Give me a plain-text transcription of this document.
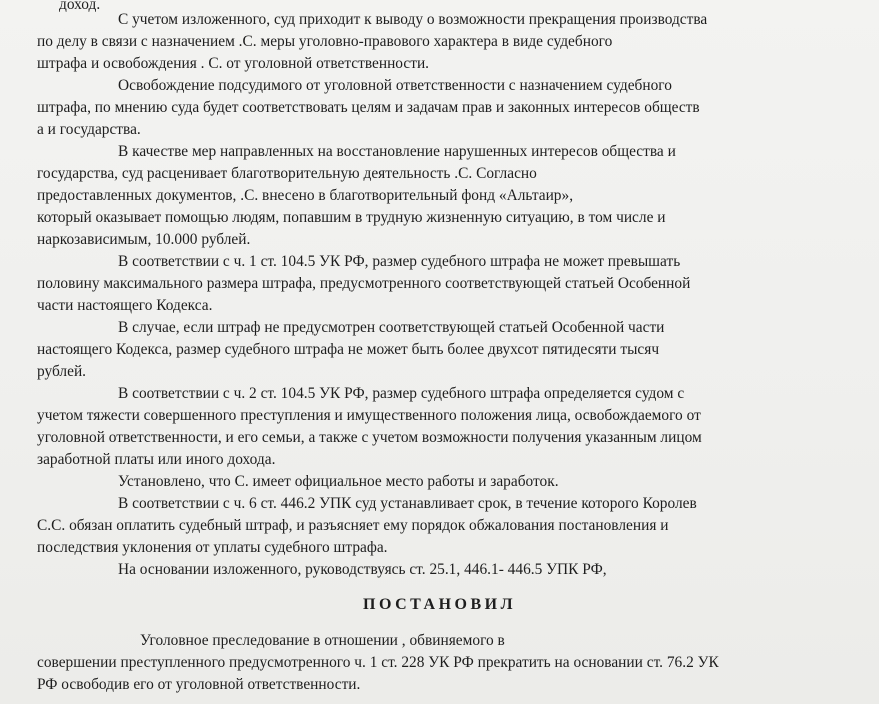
доход.

С учетом изложенного, суд приходит к выводу о возможности прекращения производства

по делу в связи с назначением .С. меры уголовно-правового характера в виде судебного

штрафа и освобождения . С. от уголовной ответственности.

Освобождение подсудимого от уголовной ответственности с назначением судебного

штрафа, по мнению суда будет соответствовать целям и задачам прав и законных интересов обществ

а и государства.

В качестве мер направленных на восстановление нарушенных интересов общества и

государства, суд расценивает благотворительную деятельность .С. Согласно

предоставленных документов, .С. внесено в благотворительный фонд «Альтаир»,

который оказывает помощью людям, попавшим в трудную жизненную ситуацию, в том числе и

наркозависимым, 10.000 рублей.

В соответствии с ч. 1 ст. 104.5 УК РФ, размер судебного штрафа не может превышать

половину максимального размера штрафа, предусмотренного соответствующей статьей Особенной

части настоящего Кодекса.

В случае, если штраф не предусмотрен соответствующей статьей Особенной части

настоящего Кодекса, размер судебного штрафа не может быть более двухсот пятидесяти тысяч

рублей.

В соответствии с ч. 2 ст. 104.5 УК РФ, размер судебного штрафа определяется судом с

учетом тяжести совершенного преступления и имущественного положения лица, освобождаемого от

уголовной ответственности, и его семьи, а также с учетом возможности получения указанным лицом

заработной платы или иного дохода.

Установлено, что С. имеет официальное место работы и заработок.

В соответствии с ч. 6 ст. 446.2 УПК суд устанавливает срок, в течение которого Королев

С.С. обязан оплатить судебный штраф, и разъясняет ему порядок обжалования постановления и

последствия уклонения от уплаты судебного штрафа.

На основании изложенного, руководствуясь ст. 25.1, 446.1- 446.5 УПК РФ,

ПОСТАНОВИЛ

Уголовное преследование в отношении , обвиняемого в

совершении преступленного предусмотренного ч. 1 ст. 228 УК РФ прекратить на основании ст. 76.2 УК

РФ освободив его от уголовной ответственности.
